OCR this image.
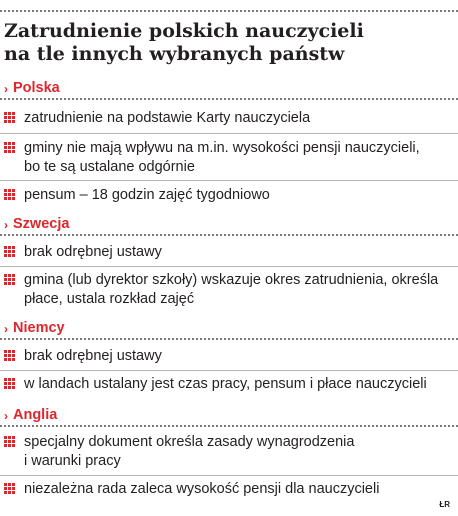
Zatrudnienie polskich nauczycieli
na tle innych wybranych państw
› Polska
zatrudnienie na podstawie Karty nauczyciela
gminy nie mają wpływu na m.in. wysokości pensji nauczycieli,
bo te są ustalane odgórnie
pensum – 18 godzin zajęć tygodniowo
› Szwecja
brak odrębnej ustawy
gmina (lub dyrektor szkoły) wskazuje okres zatrudnienia, określa
płace, ustala rozkład zajęć
› Niemcy
brak odrębnej ustawy
w landach ustalany jest czas pracy, pensum i płace nauczycieli
› Anglia
specjalny dokument określa zasady wynagrodzenia
i warunki pracy
niezależna rada zaleca wysokość pensji dla nauczycieli
ŁR
